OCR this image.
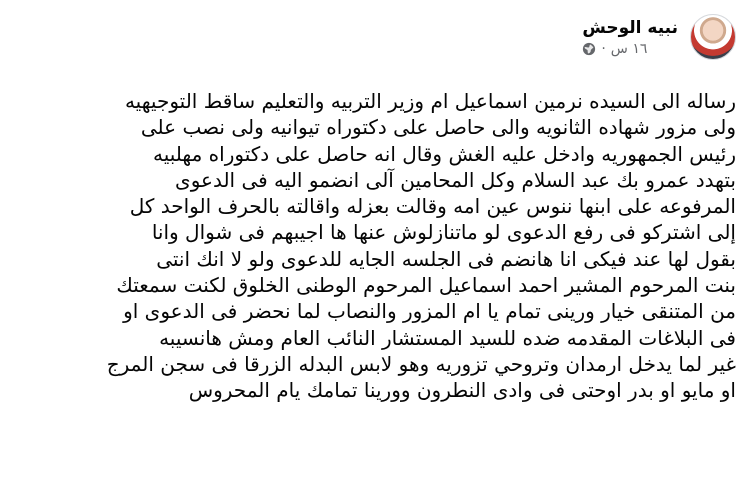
نبيه الوحش
١٦ س
·
رساله الى السيده نرمين اسماعيل ام وزير التربيه والتعليم ساقط التوجيهيه
ولى مزور شهاده الثانويه والى حاصل على دكتوراه تيوانيه ولى نصب على
رئيس الجمهوريه وادخل عليه الغش وقال انه حاصل على دكتوراه مهلبيه
بتهدد عمرو بك عبد السلام وكل المحامين آلى انضمو اليه فى الدعوى
المرفوعه على ابنها ننوس عين امه وقالت بعزله واقالته بالحرف الواحد كل
إلى اشتركو فى رفع الدعوى لو ماتنازلوش عنها ها اجيبهم فى شوال وانا
بقول لها عند فيكى انا هانضم فى الجلسه الجايه للدعوى ولو لا انك انتى
بنت المرحوم المشير احمد اسماعيل المرحوم الوطنى الخلوق لكنت سمعتك
من المتنقى خيار ورينى تمام يا ام المزور والنصاب لما نحضر فى الدعوى او
فى البلاغات المقدمه ضده للسيد المستشار النائب العام ومش هانسيبه
غير لما يدخل ارمدان وتروحي تزوريه وهو لابس البدله الزرقا فى سجن المرج
او مايو او بدر اوحتى فى وادى النطرون وورينا تمامك يام المحروس
